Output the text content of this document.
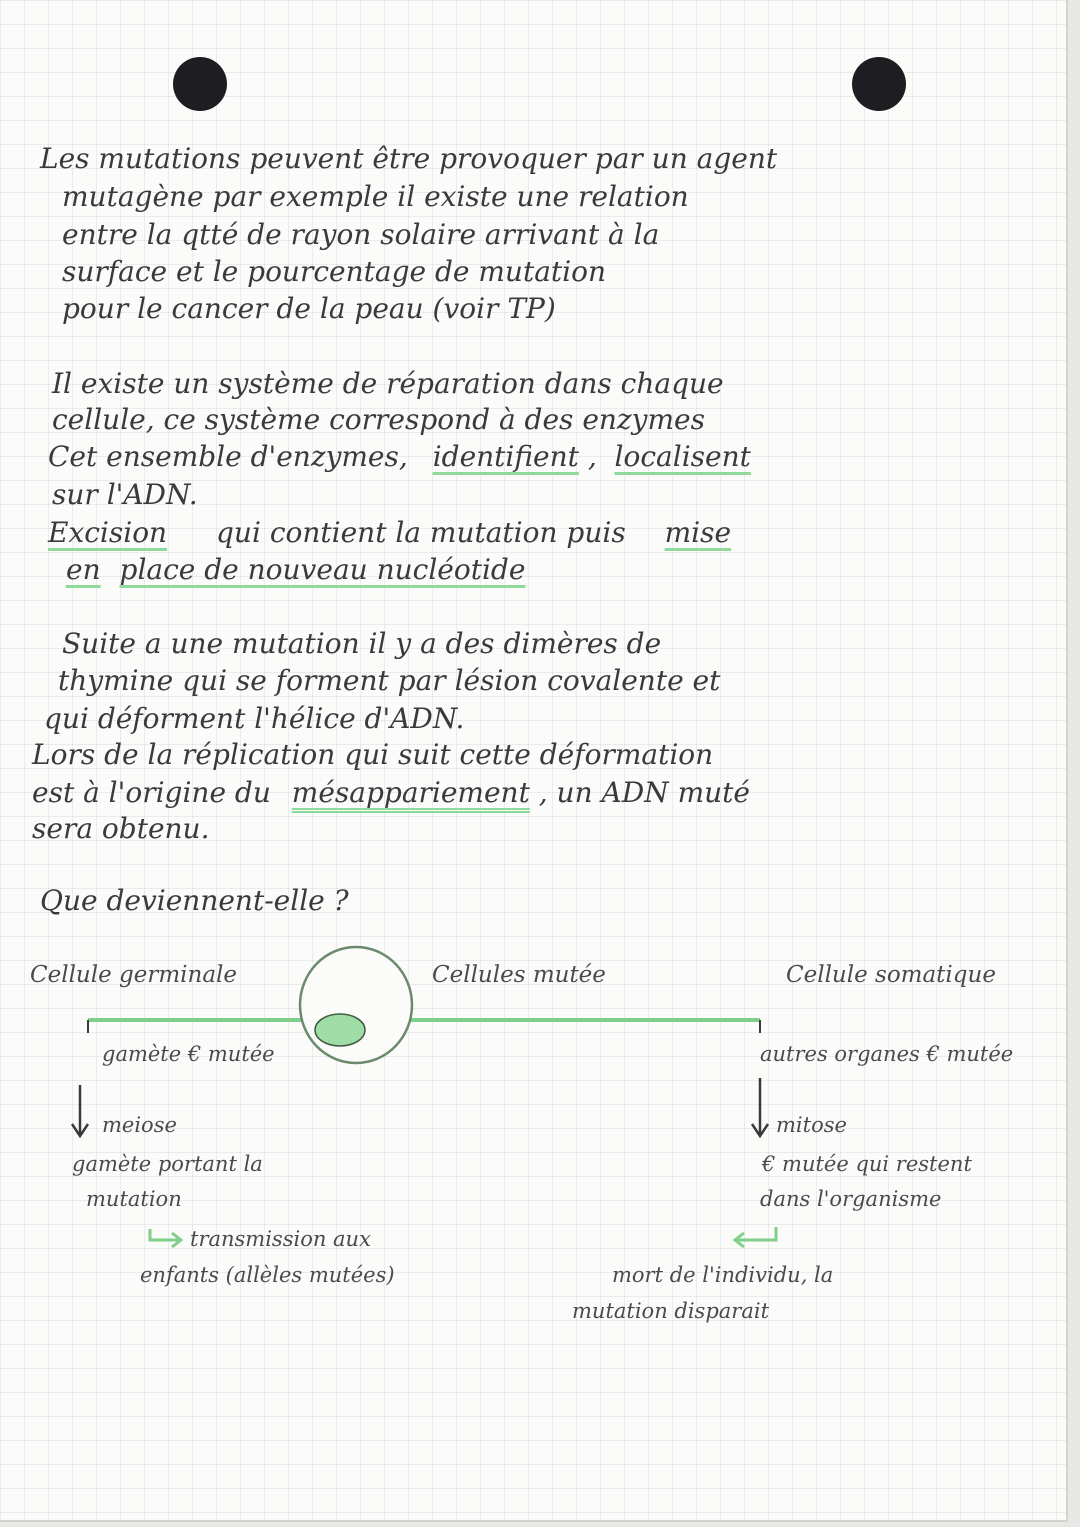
Les mutations peuvent être provoquer par un agent
mutagène par exemple il existe une relation
entre la qtté de rayon solaire arrivant à la
surface et le pourcentage de mutation
pour le cancer de la peau (voir TP)
Il existe un système de réparation dans chaque
cellule, ce système correspond à des enzymes
Cet ensemble d'enzymes, identifient ,  localisent
sur l'ADN.
Excision qui contient la mutation puis mise
en place de nouveau nucléotide
Suite a une mutation il y a des dimères de
thymine qui se forment par lésion covalente et
qui déforment l'hélice d'ADN.
Lors de la réplication qui suit cette déformation
est à l'origine du mésappariement , un ADN muté
sera obtenu.
Que deviennent-elle ?
Cellule germinale	Cellules mutée	Cellule somatique
gamète € mutée
meiose
gamète portant la
mutation
transmission aux
enfants (allèles mutées)
autres organes € mutée
mitose
€ mutée qui restent
dans l'organisme
mort de l'individu, la
mutation disparait
